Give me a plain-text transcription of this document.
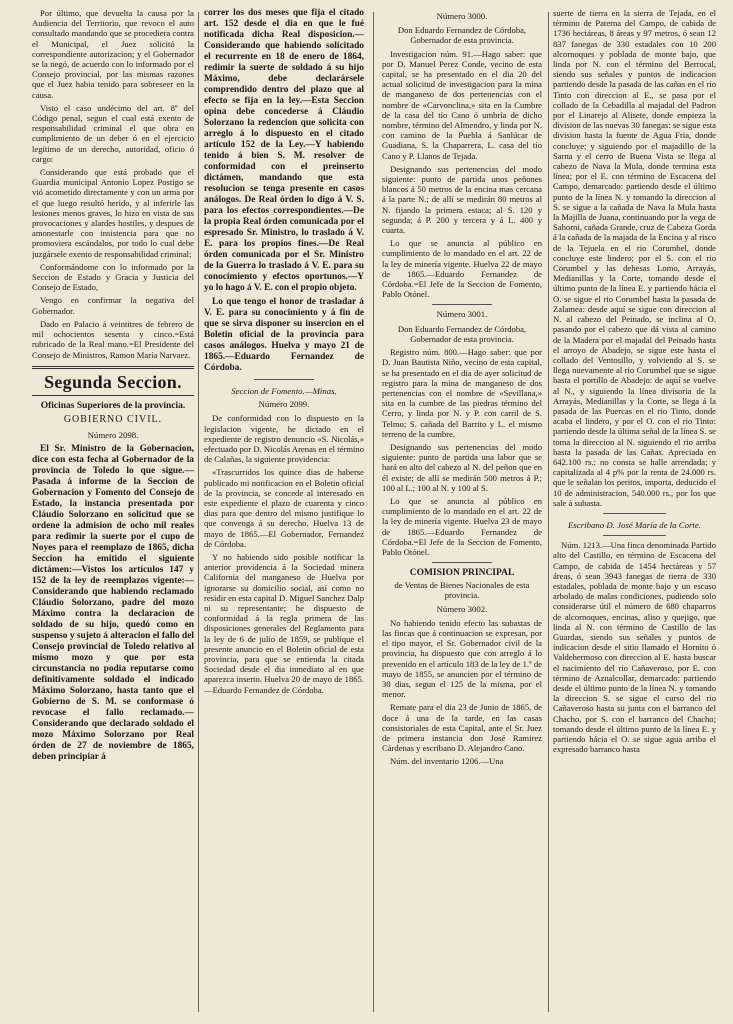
Por último, que devuelta la causa por la Audiencia del Territorio, que revoco el auto consultado mandando que se procediera contra el Municipal, el Juez solicitó la correspondiente autorizacion; y el Gobernador se la negó, de acuerdo con lo informado por el Consejo provincial, por las mismas razones que el Juez habia tenido para sobreseer en la causa.

Visto el caso undécimo del art. 8º del Código penal, segun el cual está exento de responsabilidad criminal el que obra en cumplimiento de un deber ó en el ejercicio legítimo de un derecho, autoridad, oficio ó cargo:

Considerando que está probado que el Guardia municipal Antonio Lopez Postigo se vió acometido directamente y con un arma por el que luego resultó herido, y al inferirle las lesiones menos graves, lo hizo en vista de sus provocaciones y alardes hostiles, y despues de amonestarle con insistencia para que no promoviera escándalos, por todo lo cual debe juzgársele exento de responsabilidad criminal;

Conformándome con lo informado por la Seccion de Estado y Gracia y Justicia del Consejo de Estado,

Vengo en confirmar la negativa del Gobernador.

Dado en Palacio á veintitres de febrero de mil ochocientos sesenta y cinco.=Está rubricado de la Real mano.=El Presidente del Consejo de Ministros, Ramon María Narvaez.

Segunda Seccion.
Oficinas Superiores de la provincia.
GOBIERNO CIVIL.
Número 2098.

El Sr. Ministro de la Gobernacion, dice con esta fecha al Gobernador de la provincia de Toledo lo que sigue.—Pasada á informe de la Seccion de Gobernacion y Fomento del Consejo de Estado, la instancia presentada por Cláudio Solorzano en solicitud que se ordene la admision de ocho mil reales para redimir la suerte por el cupo de Noyes para el reemplazo de 1865, dicha Seccion ha emitido el siguiente dictámen:—Vistos los artículos 147 y 152 de la ley de reemplazos vigente:—Considerando que habiendo reclamado Cláudio Solorzano, padre del mozo Máximo contra la declaracion de soldado de su hijo, quedó como en suspenso y sujeto á alteracion el fallo del Consejo provincial de Toledo relativo al mismo mozo y que por esta circunstancia no podia reputarse como definitivamente soldado el indicado Máximo Solorzano, hasta tanto que el Gobierno de S. M. se conformase ó revocase el fallo reclamado.—Considerando que declarado soldado el mozo Máximo Solorzano por Real órden de 27 de noviembre de 1865, deben principiar á

correr los dos meses que fija el citado art. 152 desde el dia en que le fué notificada dicha Real disposicion.—Considerando que habiendo solicitado el recurrente en 18 de enero de 1864, redimir la suerte de soldado á su hijo Máximo, debe declarársele comprendido dentro del plazo que al efecto se fija en la ley.—Esta Seccion opina debe concederse á Cláudio Solorzano la redencion que solicita con arreglo á lo dispuesto en el citado artículo 152 de la Ley.—Y habiendo tenido á bien S. M. resolver de conformidad con el preinserto dictámen, mandando que esta resolucion se tenga presente en casos análogos. De Real órden lo digo á V. S. para los efectos correspondientes.—De la propia Real órden comunicada por el espresado Sr. Ministro, lo traslado á V. E. para los propios fines.—De Real órden comunicada por el Sr. Ministro de la Guerra lo traslado á V. E. para su conocimiento y efectos oportunos.—Y yo lo hago á V. E. con el propio objeto.

Lo que tengo el honor de trasladar á V. E. para su conocimiento y á fin de que se sirva disponer su insercion en el Boletin oficial de la provincia para casos análogos. Huelva y mayo 21 de 1865.—Eduardo Fernandez de Córdoba.

Seccion de Fomento.—Minas.
Número 2099.

De conformidad con lo dispuesto en la legislacion vigente, he dictado en el expediente de registro denuncio «S. Nicolás,» efectuado por D. Nicolás Arenas en el término de Calañas, la siguiente providencia:

«Trascurridos los quince dias de haberse publicado mi notificacion en el Boletin oficial de la provincia, se concede al interesado en este expediente el plazo de cuarenta y cinco dias para que dentro del mismo justifique lo que convenga á su derecho. Huelva 13 de mayo de 1865.—El Gobernador, Fernandez de Córdoba.

Y no habiendo sido posible notificar la anterior providencia á la Sociedad minera California del manganeso de Huelva por ignorarse su domicilio social, así como no residir en esta capital D. Miguel Sanchez Dalp ni su representante; he dispuesto de conformidad á la regla primera de las disposiciones generales del Reglamento para la ley de 6 de julio de 1859, se publique el presente anuncio en el Boletin oficial de esta provincia, para que se entienda la citada Sociedad desde el dia inmediato al en que aparezca inserto. Huelva 20 de mayo de 1865.—Eduardo Fernandez de Córdoba.

Número 3000.

Don Eduardo Fernandez de Córdoba, Gobernador de esta provincia.

Investigacion núm. 91.—Hago saber: que por D. Manuel Perez Conde, vecino de esta capital, se ha presentado en el dia 20 del actual solicitud de investigacion para la mina de manganeso de dos pertenencias con el nombre de «Carvonclina,» sita en la Cumbre de la casa del tío Cano ó umbría de dicho nombre, término del Almendro, y linda por N. con camino de la Puebla á Sanlúcar de Guadiana, S. la Chaparrera, L. casa del tío Cano y P. Llanos de Tejada.

Designando sus pertenencias del modo siguiente: punto de partida unos peñones blancos á 50 metros de la encina mas cercana á la parte N.; de allí se medirán 80 metros al N. fijando la primera estaca; al S. 120 y segunda; á P. 200 y tercera y á L. 400 y cuarta.

Lo que se anuncia al público en cumplimiento de lo mandado en el art. 22 de la ley de minería vigente. Huelva 22 de mayo de 1865.—Eduardo Fernandez de Córdoba.=El Jefe de la Seccion de Fomento, Pablo Otónel.

Número 3001.

Don Eduardo Fernandez de Córdoba, Gobernador de esta provincia.

Registro núm. 800.—Hago saber: que por D. Juan Bautista Niño, vecino de esta capital, se ha presentado en el dia de ayer solicitud de registro para la mina de manganeso de dos pertenencias con el nombre de «Sevillana,» sita en la cumbre de las piedras término del Cerro, y linda por N. y P. con carril de S. Telmo; S. cañada del Barrito y L. el mismo terreno de la cumbre.

Designando sus pertenencias del modo siguiente: punto de partida una labor que se hará en alto del cabezo al N. del peñon que en él existe; de allí se medirán 500 metros á P.; 100 al L.; 100 al N. y 100 al S.

Lo que se anuncia al público en cumplimiento de lo mandado en el art. 22 de la ley de minería vigente. Huelva 23 de mayo de 1865.—Eduardo Fernandez de Córdoba.=El Jefe de la Seccion de Fomento, Pablo Otónel.

COMISION PRINCIPAL

de Ventas de Bienes Nacionales de esta provincia.

Número 3002.

No habiendo tenido efecto las subastas de las fincas que á continuacion se expresan, por el tipo mayor, el Sr. Gobernador civil de la provincia, ha dispuesto que con arreglo á lo prevenido en el artículo 183 de la ley de 1.º de mayo de 1855, se anuncien por el término de 30 dias, segun el 125 de la misma, por el menor.

Remate para el dia 23 de Junio de 1865, de doce á una de la tarde, en las casas consistoriales de esta Capital, ante el Sr. Juez de primera instancia don José Ramirez Cárdenas y escribano D. Alejandro Cano.

Núm. del inventario 1206.—Una

suerte de tierra en la sierra de Tejada, en el término de Paterna del Campo, de cabida de 1736 hectáreas, 8 áreas y 97 metros, ó sean 12 837 fanegas de 330 estadales con 10 200 alcornoques y poblada de monte bajo, que linda por N. con el término del Berrocal, siendo sus señales y puntos de indicacion partiendo desde la pasada de las cañas en el rio Tinto con direccion al E., se pasa por el collado de la Cebadilla al majadal del Padron por el Linarejo al Alisete, donde empieza la division de las nuevas 30 fanegas: se sigue esta division hasta la fuente de Agua Fria, donde concluye; y siguiendo por el majadillo de la Sarna y el cerro de Buena Vista se llega al cabezo de Nava la Mula, donde termina esta línea; por el E. con término de Escacena del Campo, demarcado: partiendo desde el último punto de la línea N. y tomando la direccion al S. se sigue a la cañada de Nava la Mula hasta la Majilla de Juana, continuando por la vega de Sahorni, cañada Grande, cruz de Cabeza Gorda á la cañada de la majada de la Encina y al risco de la Tejuela en el rio Corumbel, donde concluye este lindero; por el S. con el rio Corumbel y las dehesas Lomo, Arrayás, Medianillas y la Corte, tomando desde el último punto de la línea E. y partiendo hácia el O. se sigue el rio Corumbel hasta la pasada de Zalamea: desde aquí se sigue con direccion al N. al cabezo del Peinado, se inclina al O. pasando por el cabezo que dá vista al camino de la Madera por el majadal del Peinado hasta el arroyo de Abadejo, se sigue este hasta el collado del Ventosillo, y volviendo al S. se llega nuevamente al rio Corumbel que se sigue hasta el portillo de Abadejo: de aquí se vuelve al N., y siguiendo la línea divisoria de la Arrayás, Medianillas y la Corte, se llega á la pasada de las Puercas en el rio Tinto, donde acaba el lindero, y por el O. con el rio Tinto: partiendo desde la última señal de la línea S. se toma la direccion al N. siguiendo el rio arriba hasta la pasada de las Cañas. Apreciada en 642.100 rs.: no consta se halle arrendada; y capitalizada al 4 p% por la renta de 24.000 rs. que le señalan los peritos, importa, deducido el 10 de administracion, 540.000 rs., por los que sale á subasta.

Escribano D. José María de la Corte.

Núm. 1213.—Una finca denominada Partido alto del Castillo, en término de Escacena del Campo, de cabida de 1454 hectáreas y 57 áreas, ó sean 3943 fanegas de tierra de 330 estadales, poblada de monte bajo y un escaso arbolado de malas condiciones, pudiendo solo considerarse útil el número de 680 chaparros de alcornoques, encinas, aliso y quejigo, que linda al N. con término de Castillo de las Guardas, siendo sus señales y puntos de indicacion desde el sitio llamado el Hornito ó Valdehermoso con direccion al E. hasta buscar el nacimiento del rio Cañaveroso, por E. con término de Aznalcollar, demarcado: partiendo desde el último punto de la línea N. y tomando la direccion S. se sigue el curso del rio Cañaveroso hasta su junta con el barranco del Chacho, por S. con el barranco del Chacho; tomando desde el último punto de la línea E. y partiendo hácia el O. se sigue agua arriba el expresado barranco hasta
